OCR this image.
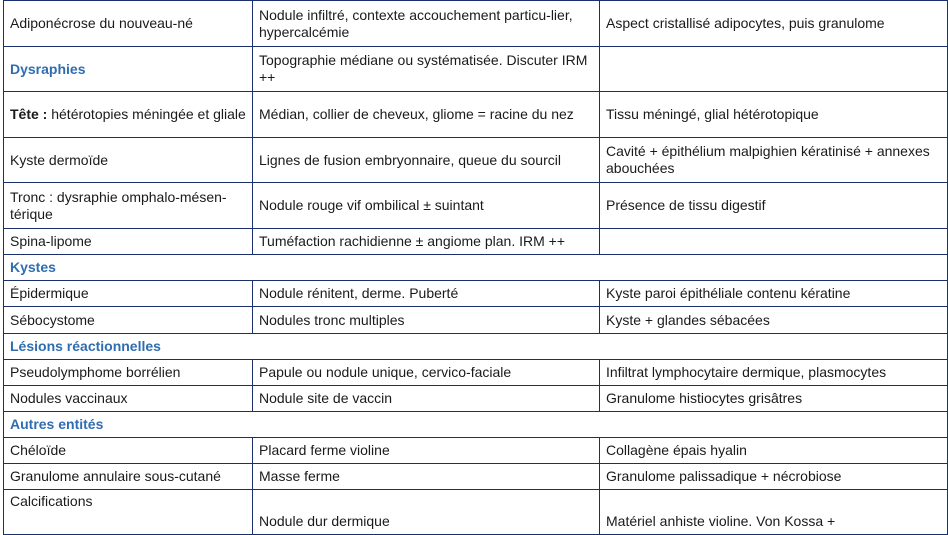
Adiponécrose du nouveau-né	Nodule infiltré, contexte accouchement particu-lier, hypercalcémie	Aspect cristallisé adipocytes, puis granulome
Dysraphies	Topographie médiane ou systématisée. Discuter IRM ++	
Tête : hétérotopies méningée et gliale	Médian, collier de cheveux, gliome = racine du nez	Tissu méningé, glial hétérotopique
Kyste dermoïde	Lignes de fusion embryonnaire, queue du sourcil	Cavité + épithélium malpighien kératinisé + annexes abouchées
Tronc : dysraphie omphalo-mésen-térique	Nodule rouge vif ombilical ± suintant	Présence de tissu digestif
Spina-lipome	Tuméfaction rachidienne ± angiome plan. IRM ++	
Kystes		
Épidermique	Nodule rénitent, derme. Puberté	Kyste paroi épithéliale contenu kératine
Sébocystome	Nodules tronc multiples	Kyste + glandes sébacées
Lésions réactionnelles		
Pseudolymphome borrélien	Papule ou nodule unique, cervico-faciale	Infiltrat lymphocytaire dermique, plasmocytes
Nodules vaccinaux	Nodule site de vaccin	Granulome histiocytes grisâtres
Autres entités		
Chéloïde	Placard ferme violine	Collagène épais hyalin
Granulome annulaire sous-cutané	Masse ferme	Granulome palissadique + nécrobiose
Calcifications	Nodule dur dermique	Matériel anhiste violine. Von Kossa +
